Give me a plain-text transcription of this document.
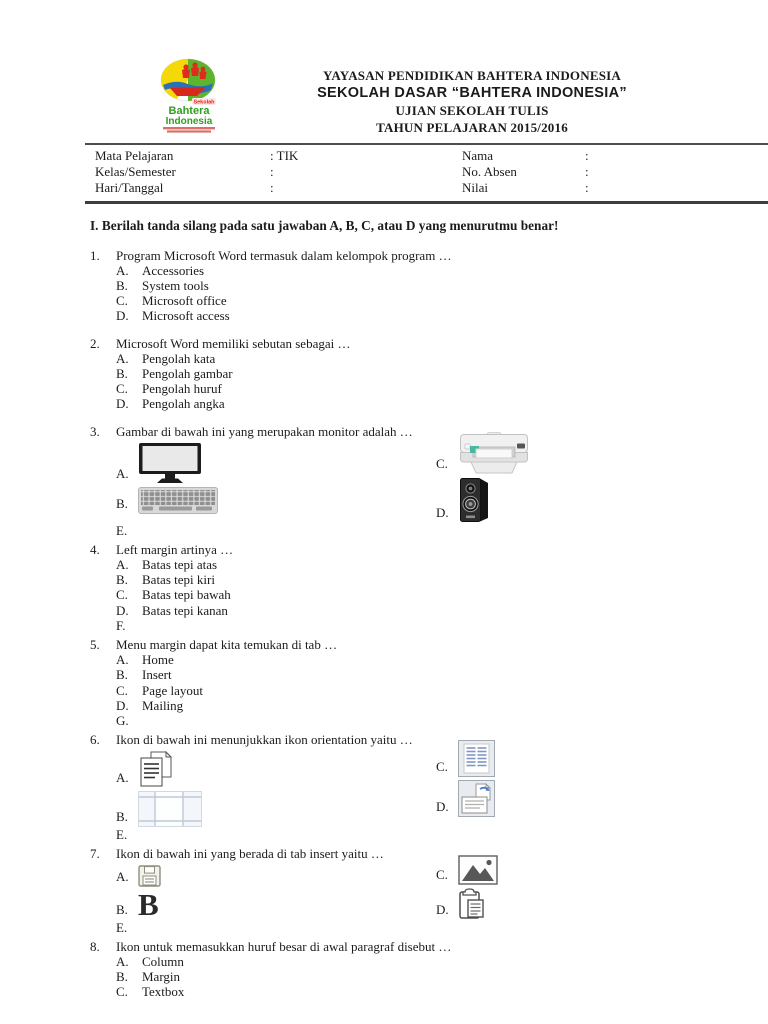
Sekolah
Bahtera
Indonesia
YAYASAN PENDIDIKAN BAHTERA INDONESIA
SEKOLAH DASAR “BAHTERA INDONESIA”
UJIAN SEKOLAH TULIS
TAHUN PELAJARAN 2015/2016
Mata Pelajaran	: TIK	Nama	:
Kelas/Semester	:	No. Absen	:
Hari/Tanggal	:	Nilai	:
I. Berilah tanda silang pada satu jawaban A, B, C, atau D yang menurutmu benar!
1.	Program Microsoft Word termasuk dalam kelompok program …
A.	Accessories
B.	System tools
C.	Microsoft office
D.	Microsoft access
2.	Microsoft Word memiliki sebutan sebagai …
A.	Pengolah kata
B.	Pengolah gambar
C.	Pengolah huruf
D.	Pengolah angka
3.	Gambar di bawah ini yang merupakan monitor adalah …
A.
B.
C.
D.
E.
4.	Left margin artinya …
A.	Batas tepi atas
B.	Batas tepi kiri
C.	Batas tepi bawah
D.	Batas tepi kanan
F.
5.	Menu margin dapat kita temukan di tab …
A.	Home
B.	Insert
C.	Page layout
D.	Mailing
G.
6.	Ikon di bawah ini menunjukkan ikon orientation yaitu …
A.
B.
C.
D.
E.
7.	Ikon di bawah ini yang berada di tab insert yaitu …
A.
B. B
C.
D.
E.
8.	Ikon untuk memasukkan huruf besar di awal paragraf disebut …
A.	Column
B.	Margin
C.	Textbox
